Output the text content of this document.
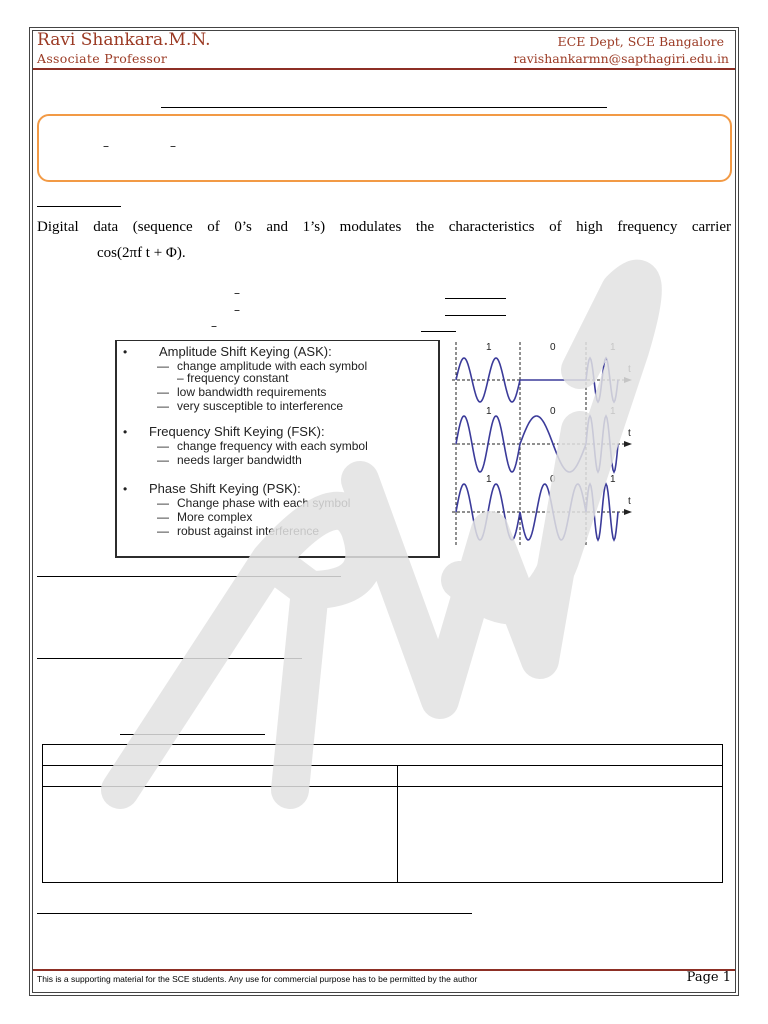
Ravi Shankara.M.N.
Associate Professor
ECE Dept, SCE Bangalore
ravishankarmn@sapthagiri.edu.in
–	–
Digital data (sequence of 0’s and 1’s) modulates the characteristics of high frequency carrier
cos(2πf t + Φ).
–
–
–
• Amplitude Shift Keying (ASK):
— change amplitude with each symbol
– frequency constant
— low bandwidth requirements
— very susceptible to interference
• Frequency Shift Keying (FSK):
— change frequency with each symbol
— needs larger bandwidth
• Phase Shift Keying (PSK):
— Change phase with each symbol
— More complex
— robust against interference
1	0	1
1	0	1
1	0	1
t
t
t
This is a supporting material for the SCE students. Any use for commercial purpose has to be permitted by the author	Page 1
